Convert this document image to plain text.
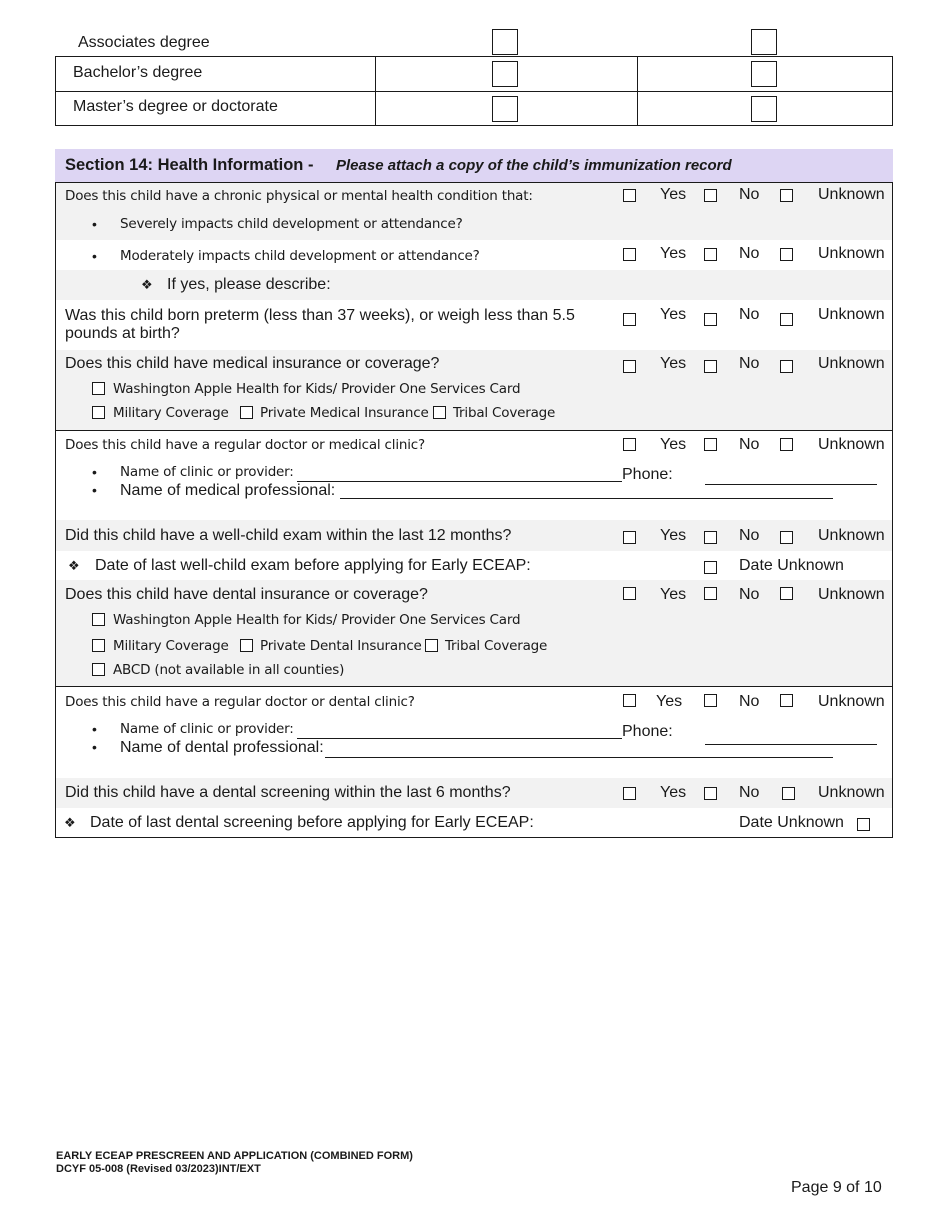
Associates degree
Bachelor’s degree
Master’s degree or doctorate
Section 14: Health Information - Please attach a copy of the child’s immunization record
Does this child have a chronic physical or mental health condition that:	Yes	No	Unknown
• Severely impacts child development or attendance?
• Moderately impacts child development or attendance?	Yes	No	Unknown
❖ If yes, please describe:
Was this child born preterm (less than 37 weeks), or weigh less than 5.5 pounds at birth?
Yes	No	Unknown
Does this child have medical insurance or coverage?	Yes	No	Unknown
Washington Apple Health for Kids/ Provider One Services Card
Military Coverage Private Medical Insurance Tribal Coverage
Does this child have a regular doctor or medical clinic?	Yes	No	Unknown
• Name of clinic or provider:	Phone:
• Name of medical professional:
Did this child have a well-child exam within the last 12 months?	Yes	No	Unknown
❖ Date of last well-child exam before applying for Early ECEAP:	Date Unknown
Does this child have dental insurance or coverage?	Yes	No	Unknown
Washington Apple Health for Kids/ Provider One Services Card
Military Coverage Private Dental Insurance Tribal Coverage
ABCD (not available in all counties)
Does this child have a regular doctor or dental clinic?	Yes	No	Unknown
• Name of clinic or provider:	Phone:
• Name of dental professional:
Did this child have a dental screening within the last 6 months?	Yes	No	Unknown
❖ Date of last dental screening before applying for Early ECEAP:	Date Unknown
EARLY ECEAP PRESCREEN AND APPLICATION (COMBINED FORM)
DCYF 05-008 (Revised 03/2023)INT/EXT
Page 9 of 10
